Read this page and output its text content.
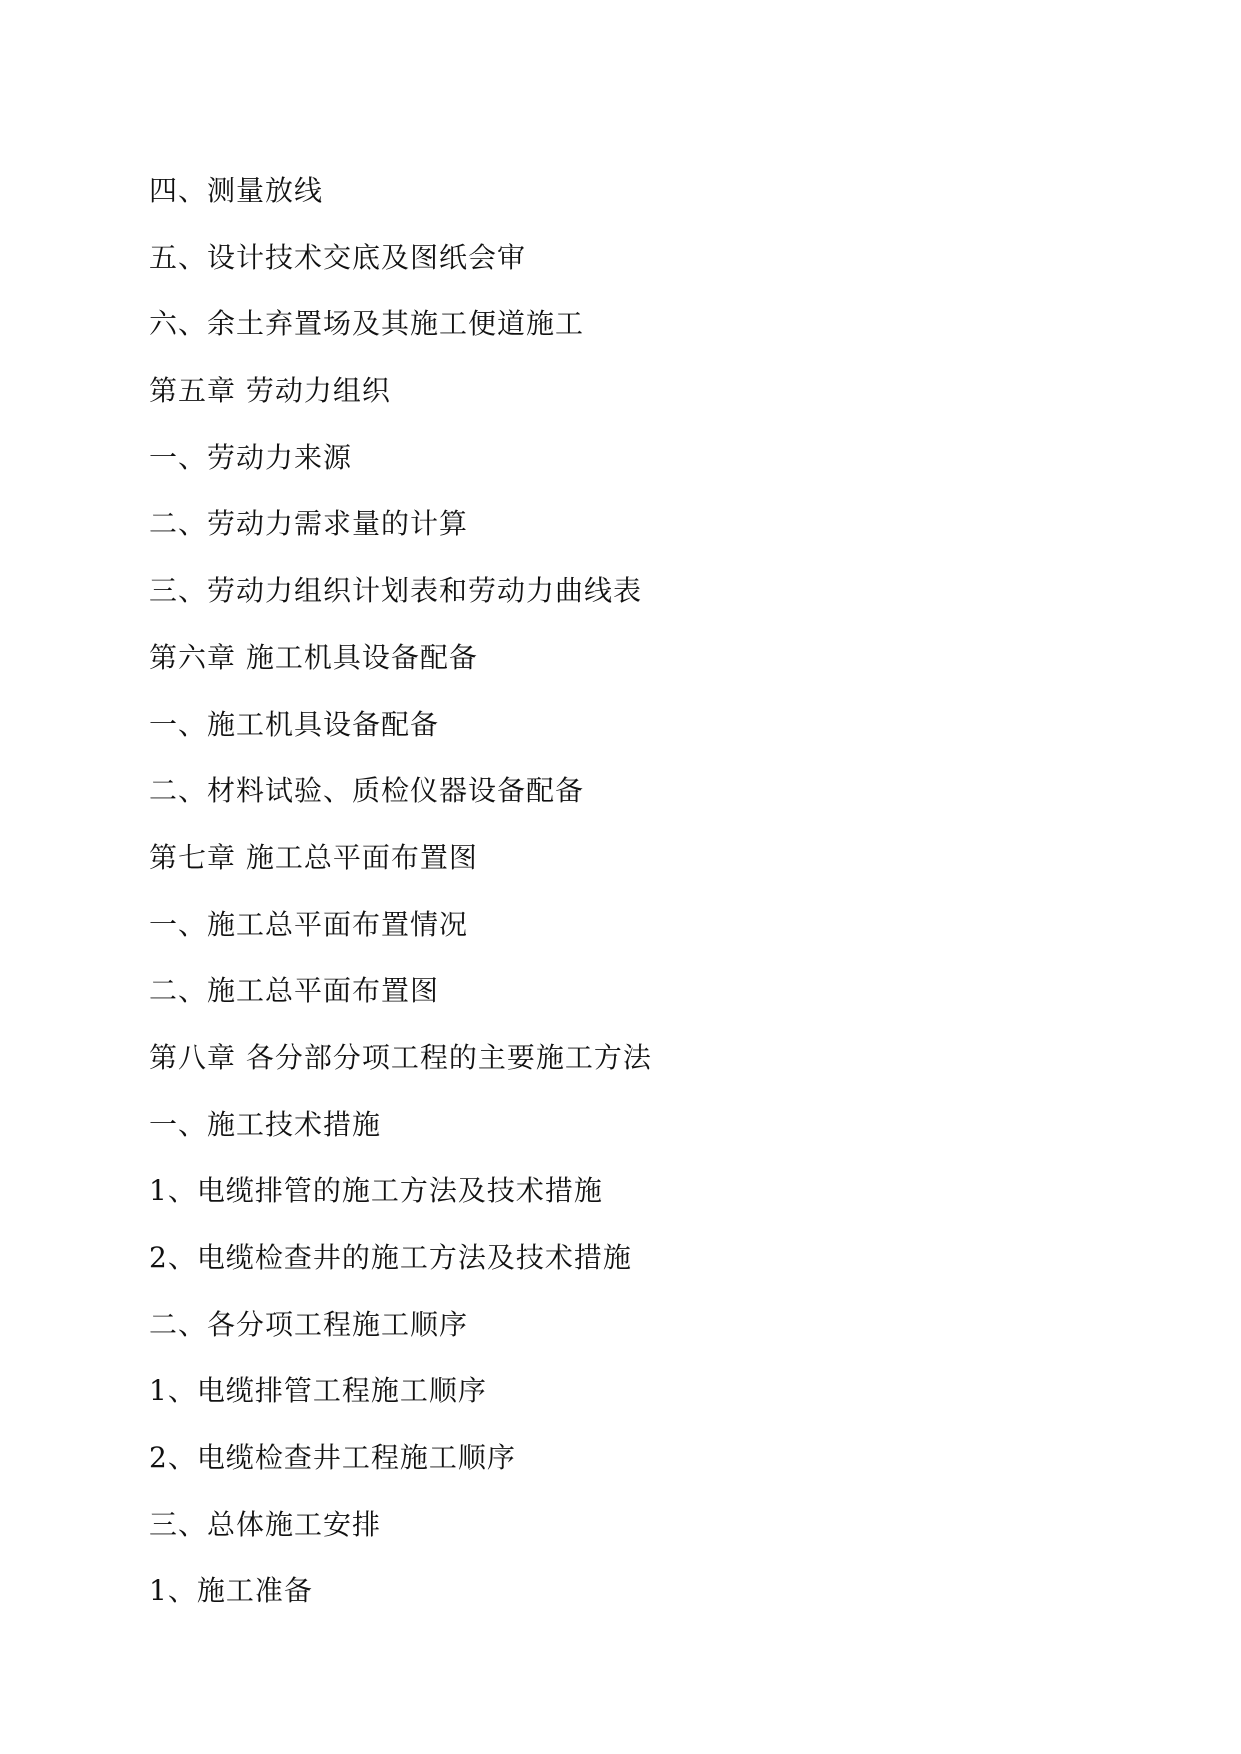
四、测量放线
五、设计技术交底及图纸会审
六、余土弃置场及其施工便道施工
第五章 劳动力组织
一、劳动力来源
二、劳动力需求量的计算
三、劳动力组织计划表和劳动力曲线表
第六章 施工机具设备配备
一、施工机具设备配备
二、材料试验、质检仪器设备配备
第七章 施工总平面布置图
一、施工总平面布置情况
二、施工总平面布置图
第八章 各分部分项工程的主要施工方法
一、施工技术措施
1、电缆排管的施工方法及技术措施
2、电缆检查井的施工方法及技术措施
二、各分项工程施工顺序
1、电缆排管工程施工顺序
2、电缆检查井工程施工顺序
三、总体施工安排
1、施工准备
